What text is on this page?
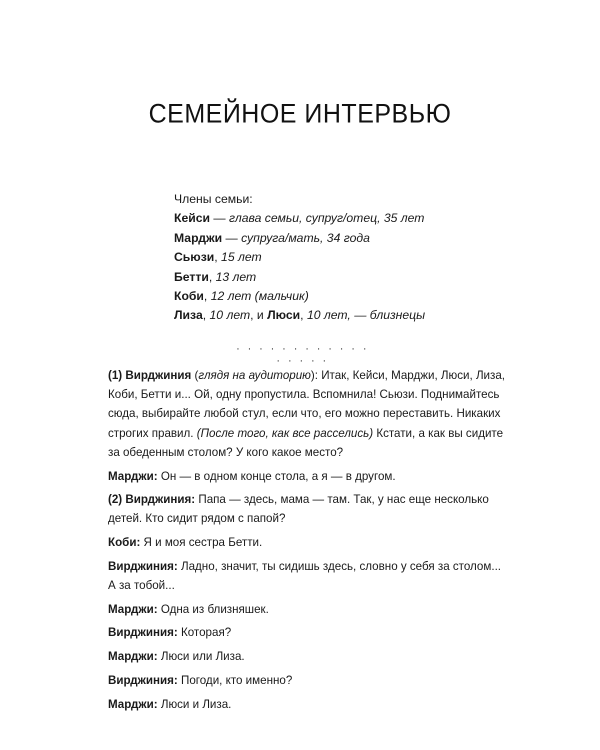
СЕМЕЙНОЕ ИНТЕРВЬЮ
Члены семьи:
Кейси — глава семьи, супруг/отец, 35 лет
Марджи — супруга/мать, 34 года
Сьюзи, 15 лет
Бетти, 13 лет
Коби, 12 лет (мальчик)
Лиза, 10 лет, и Люси, 10 лет, — близнецы
· · · · · · · · · · · · · · · · ·

(1) Вирджиния (глядя на аудиторию): Итак, Кейси, Марджи, Люси, Лиза, Коби, Бетти и... Ой, одну пропустила. Вспомнила! Сьюзи. Поднимайтесь сюда, выбирайте любой стул, если что, его можно переставить. Никаких строгих правил. (После того, как все расселись) Кстати, а как вы сидите за обеденным столом? У кого какое место?

Марджи: Он — в одном конце стола, а я — в другом.

(2) Вирджиния: Папа — здесь, мама — там. Так, у нас еще несколько детей. Кто сидит рядом с папой?

Коби: Я и моя сестра Бетти.

Вирджиния: Ладно, значит, ты сидишь здесь, словно у себя за столом... А за тобой...

Марджи: Одна из близняшек.

Вирджиния: Которая?

Марджи: Люси или Лиза.

Вирджиния: Погоди, кто именно?

Марджи: Люси и Лиза.
